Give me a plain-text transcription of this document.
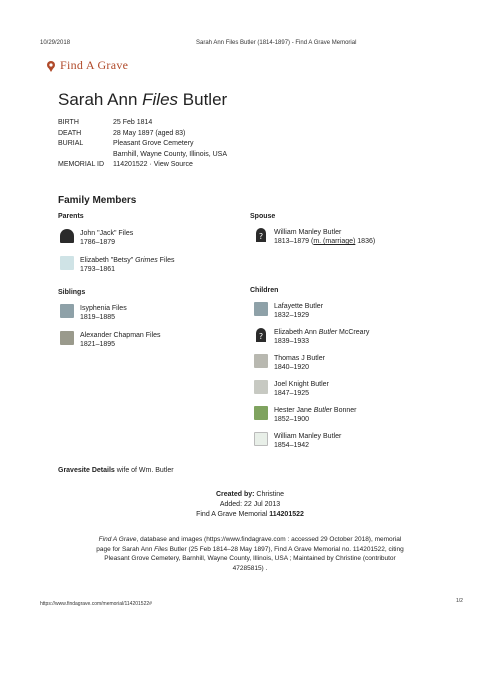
10/29/2018	Sarah Ann Files Butler (1814-1897) - Find A Grave Memorial
Find A Grave
Sarah Ann Files Butler
BIRTH	25 Feb 1814
DEATH	28 May 1897 (aged 83)
BURIAL	Pleasant Grove Cemetery
Barnhill, Wayne County, Illinois, USA
MEMORIAL ID	114201522 · View Source
Family Members
Parents
John "Jack" Files
1786–1879
Elizabeth "Betsy" Grimes Files
1793–1861
Spouse
? William Manley Butler
1813–1879 (m. (marriage) 1836)
Siblings
Isyphenia Files
1819–1885
Alexander Chapman Files
1821–1895
Children
Lafayette Butler
1832–1929
? Elizabeth Ann Butler McCreary
1839–1933
Thomas J Butler
1840–1920
Joel Knight Butler
1847–1925
Hester Jane Butler Bonner
1852–1900
William Manley Butler
1854–1942
Gravesite Details wife of Wm. Butler
Created by: Christine
Added: 22 Jul 2013
Find A Grave Memorial 114201522
Find A Grave, database and images (https://www.findagrave.com : accessed 29 October 2018), memorial
page for Sarah Ann Files Butler (25 Feb 1814–28 May 1897), Find A Grave Memorial no. 114201522, citing
Pleasant Grove Cemetery, Barnhill, Wayne County, Illinois, USA ; Maintained by Christine (contributor
47285815) .
https://www.findagrave.com/memorial/114201522#	1/2
